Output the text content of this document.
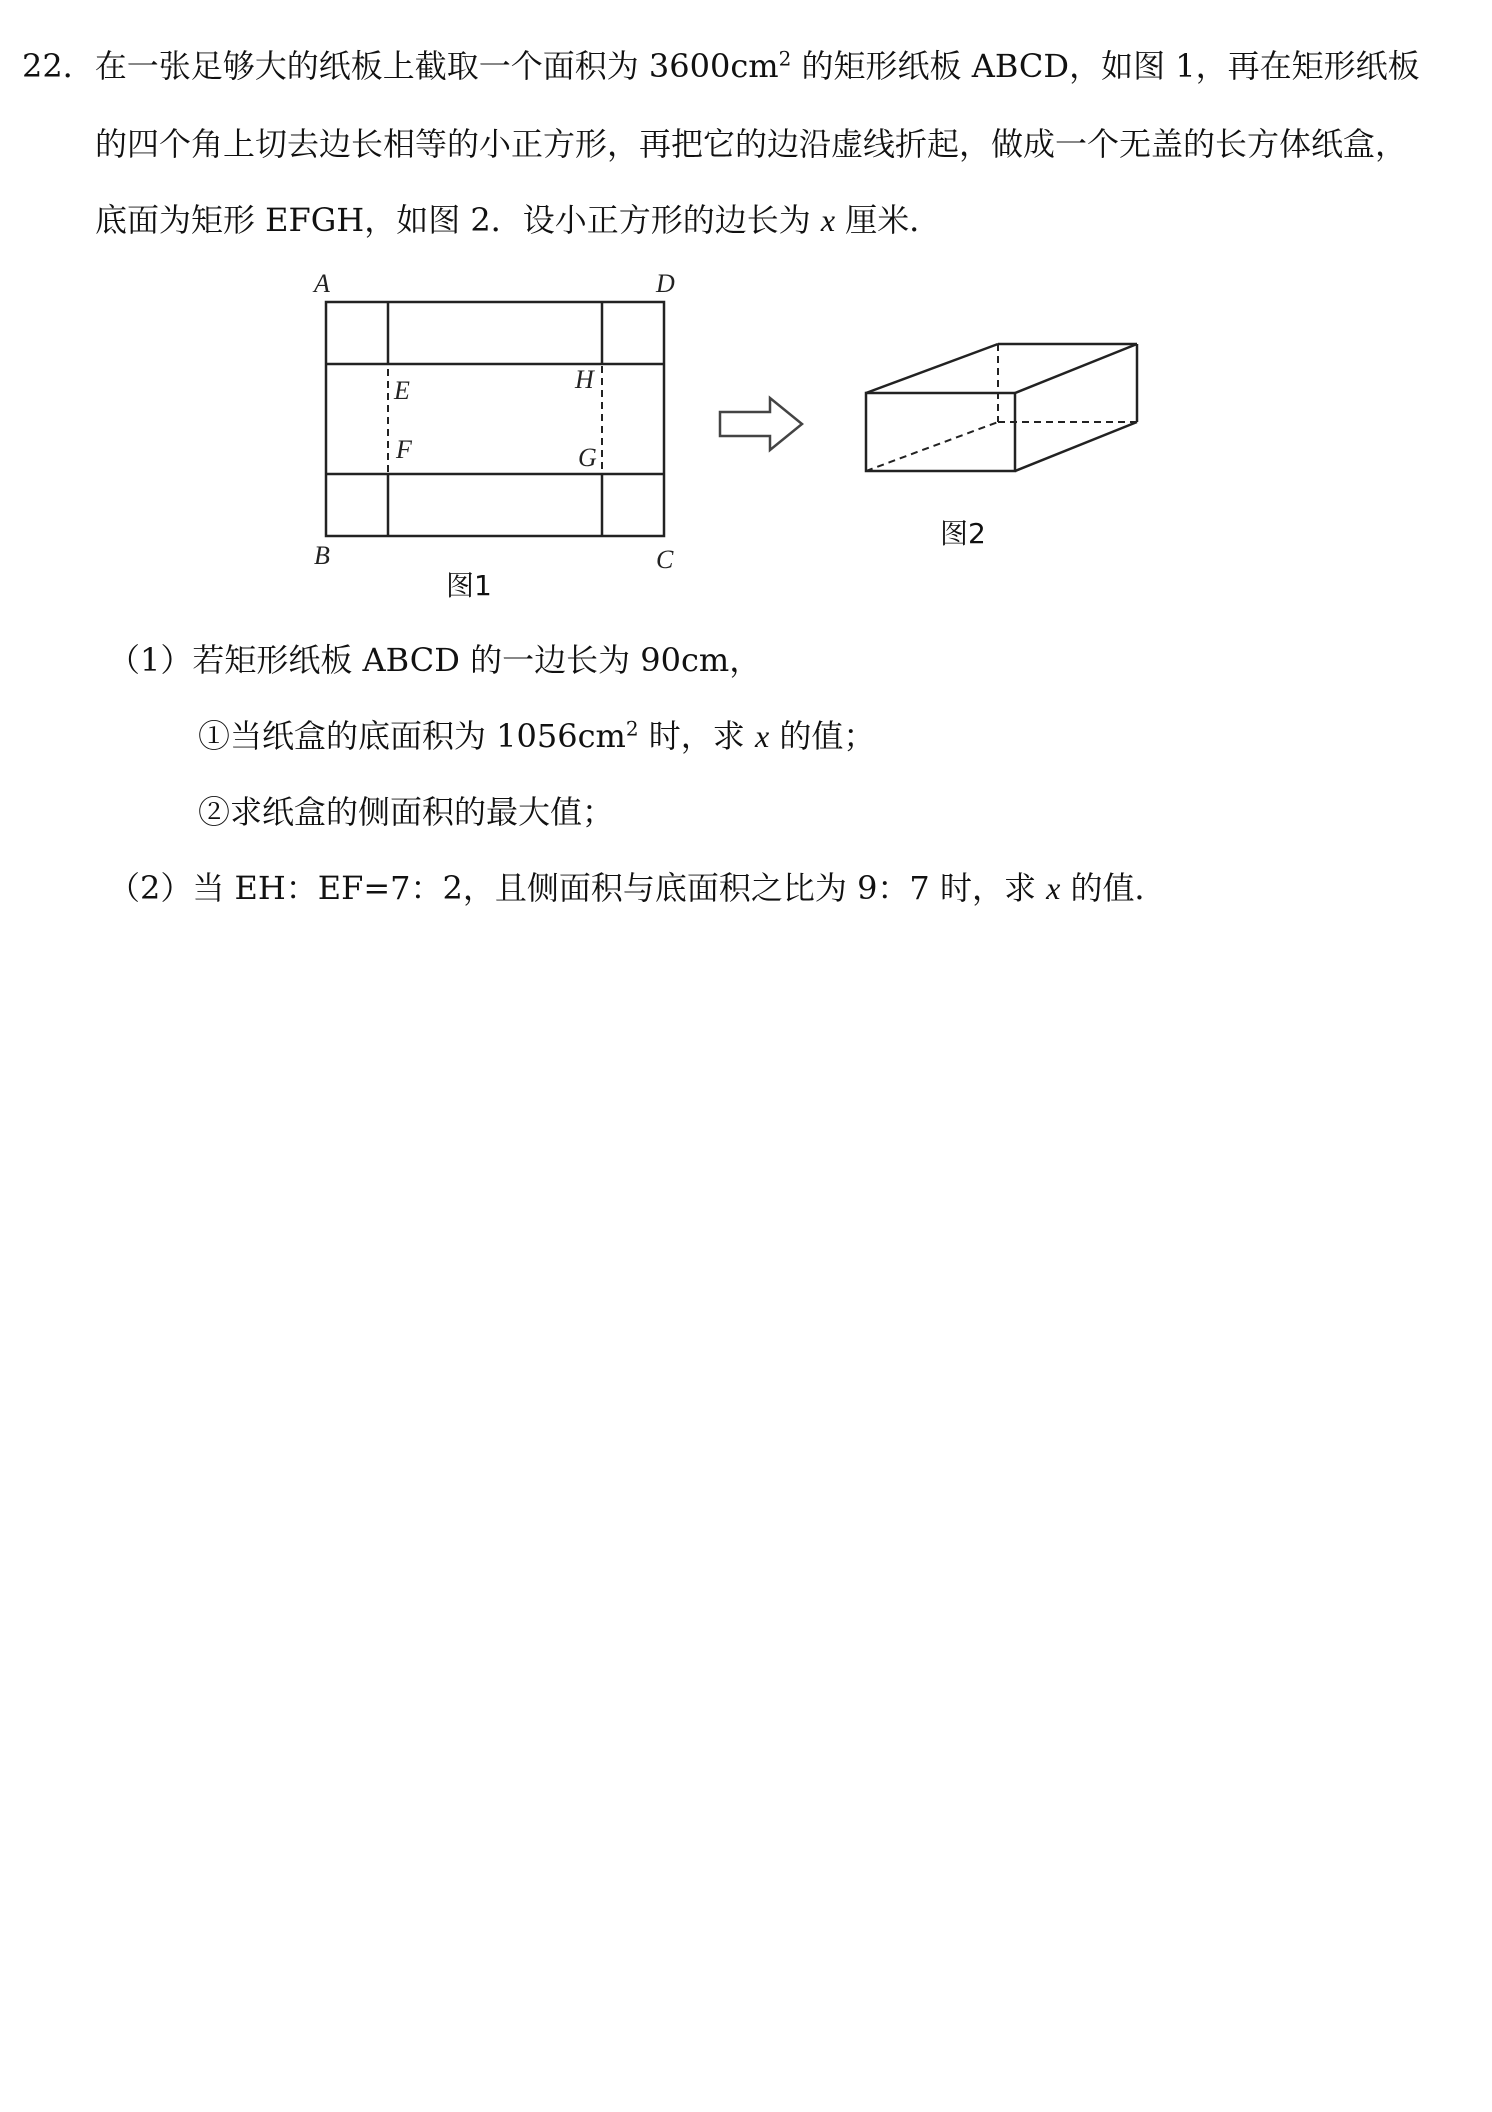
22．在一张足够大的纸板上截取一个面积为 $3600cm^2$ 的矩形纸板 ABCD，如图 1，再在矩形纸板
的四个角上切去边长相等的小正方形，再把它的边沿虚线折起，做成一个无盖的长方体纸盒，
底面为矩形 EFGH，如图 2．设小正方形的边长为 x 厘米．
A	D
B	C
E	H
F	G
图1
图2
（1）若矩形纸板 ABCD 的一边长为 90cm，
①当纸盒的底面积为 $1056cm^2$ 时，求 x 的值；
②求纸盒的侧面积的最大值；
（2）当 EH：EF=7：2，且侧面积与底面积之比为 9：7 时，求 x 的值．
